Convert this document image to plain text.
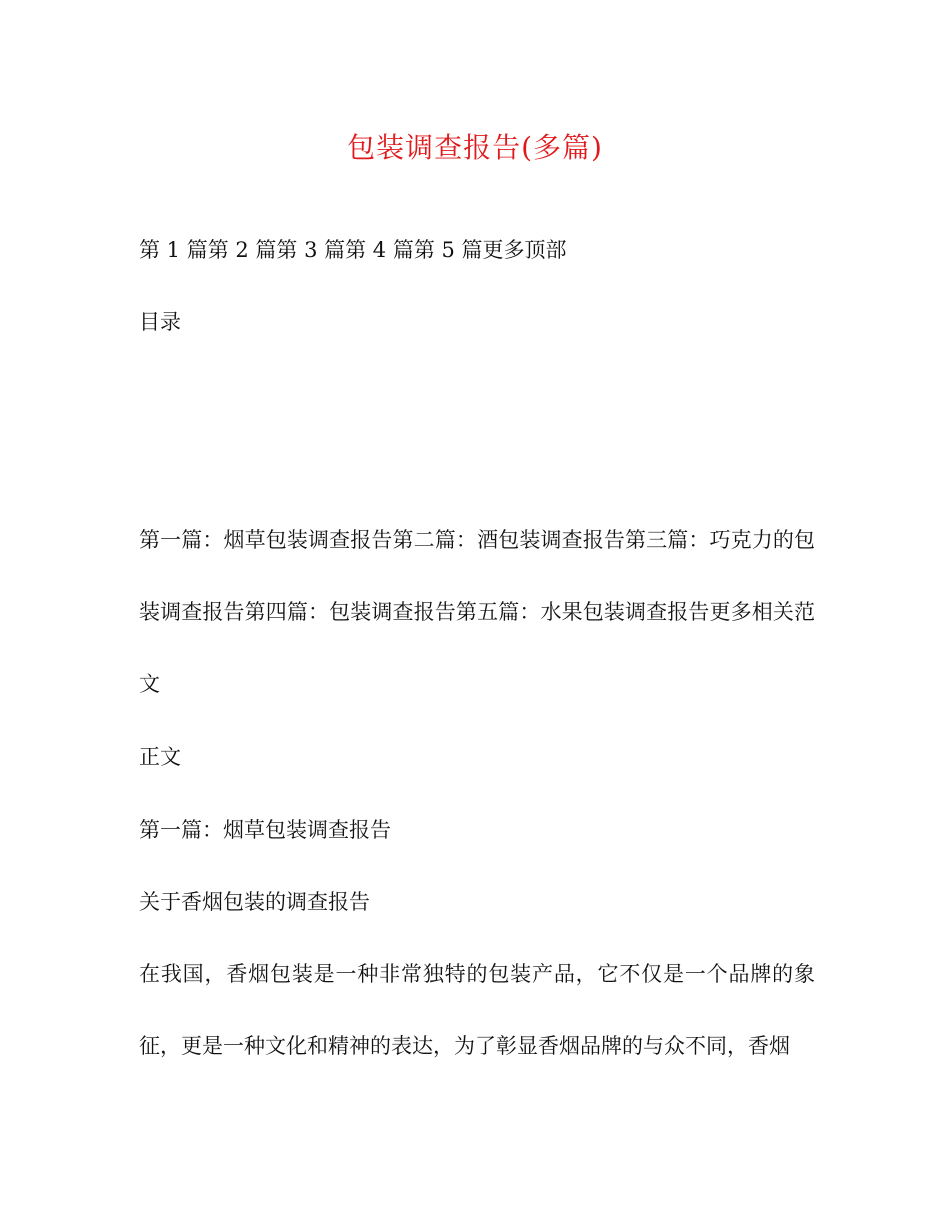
包装调查报告(多篇)
第 1 篇第 2 篇第 3 篇第 4 篇第 5 篇更多顶部
目录
第一篇：烟草包装调查报告第二篇：酒包装调查报告第三篇：巧克力的包装调查报告第四篇：包装调查报告第五篇：水果包装调查报告更多相关范文
正文
第一篇：烟草包装调查报告
关于香烟包装的调查报告
在我国，香烟包装是一种非常独特的包装产品，它不仅是一个品牌的象征，更是一种文化和精神的表达，为了彰显香烟品牌的与众不同，香烟
